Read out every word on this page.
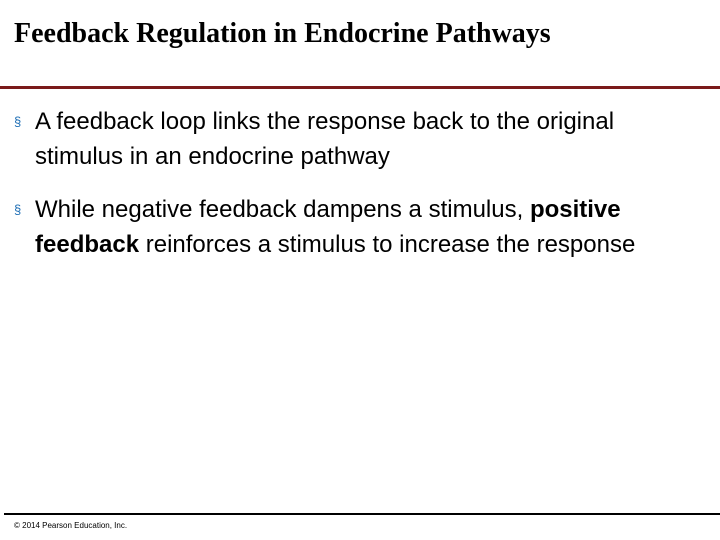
Feedback Regulation in Endocrine Pathways
§ A feedback loop links the response back to the original stimulus in an endocrine pathway
§ While negative feedback dampens a stimulus, positive feedback reinforces a stimulus to increase the response
© 2014 Pearson Education, Inc.
